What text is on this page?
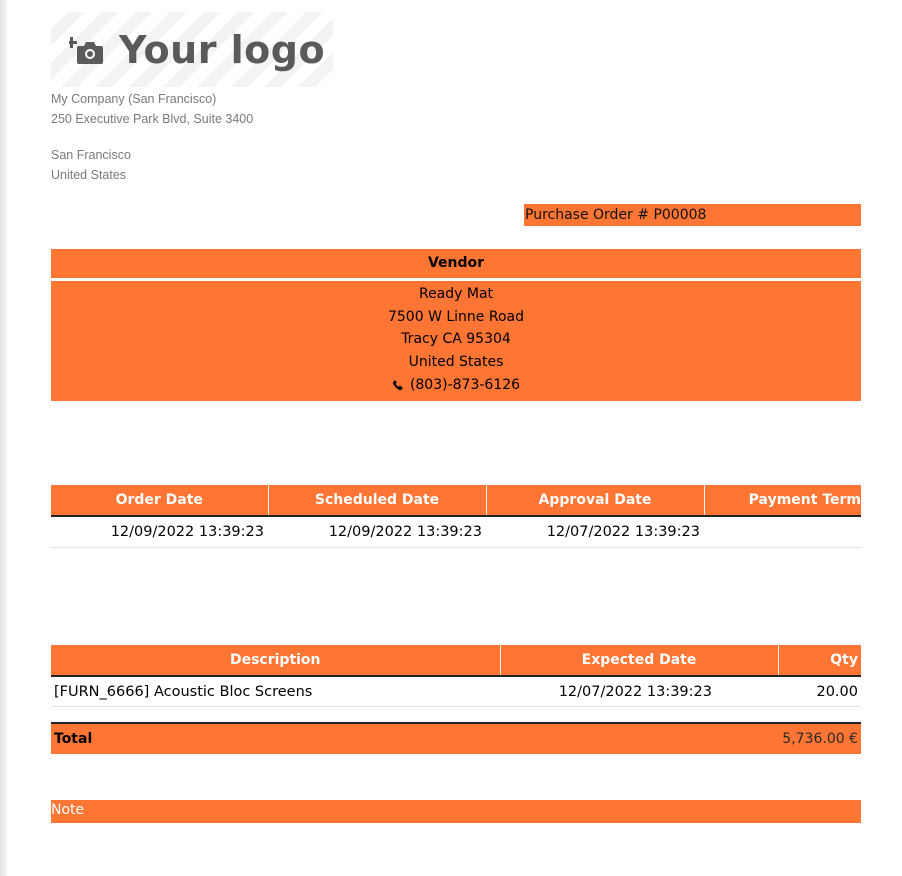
Your logo
My Company (San Francisco)
250 Executive Park Blvd, Suite 3400
San Francisco
United States
Purchase Order # P00008
Vendor
Ready Mat
7500 W Linne Road
Tracy CA 95304
United States
(803)-873-6126
Order Date	Scheduled Date	Approval Date	Payment Term
12/09/2022 13:39:23	12/09/2022 13:39:23	12/07/2022 13:39:23	
Description	Expected Date	Qty
[FURN_6666] Acoustic Bloc Screens	12/07/2022 13:39:23	20.00
Total	5,736.00 €
Note
